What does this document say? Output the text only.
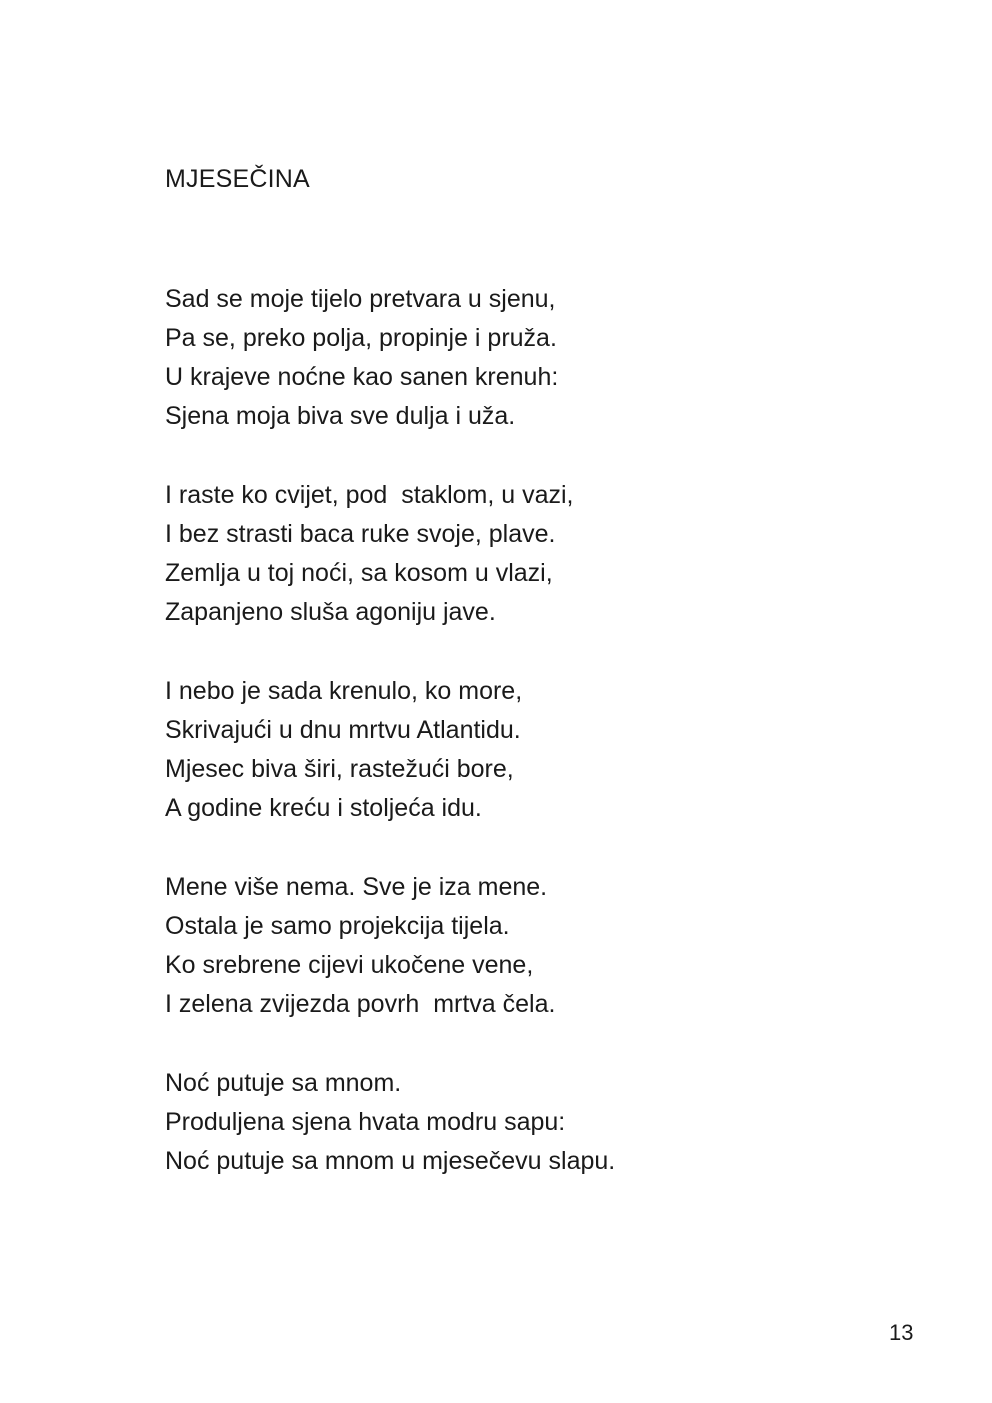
MJESEČINA
Sad se moje tijelo pretvara u sjenu,
Pa se, preko polja, propinje i pruža.
U krajeve noćne kao sanen krenuh:
Sjena moja biva sve dulja i uža.
I raste ko cvijet, pod  staklom, u vazi,
I bez strasti baca ruke svoje, plave.
Zemlja u toj noći, sa kosom u vlazi,
Zapanjeno sluša agoniju jave.
I nebo je sada krenulo, ko more,
Skrivajući u dnu mrtvu Atlantidu.
Mjesec biva širi, rastežući bore,
A godine kreću i stoljeća idu.
Mene više nema. Sve je iza mene.
Ostala je samo projekcija tijela.
Ko srebrene cijevi ukočene vene,
I zelena zvijezda povrh  mrtva čela.
Noć putuje sa mnom.
Produljena sjena hvata modru sapu:
Noć putuje sa mnom u mjesečevu slapu.
13
